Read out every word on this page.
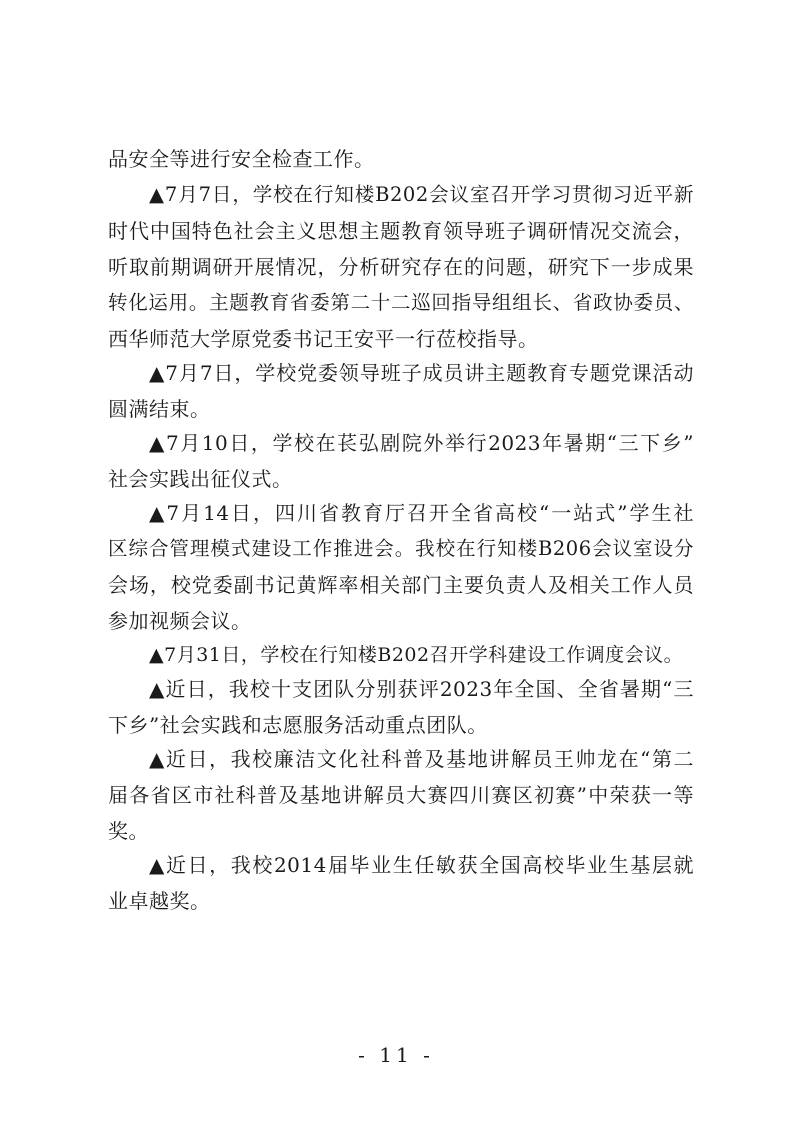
品安全等进行安全检查工作。
▲7月7日，学校在行知楼B202会议室召开学习贯彻习近平新
时代中国特色社会主义思想主题教育领导班子调研情况交流会，
听取前期调研开展情况，分析研究存在的问题，研究下一步成果
转化运用。主题教育省委第二十二巡回指导组组长、省政协委员、
西华师范大学原党委书记王安平一行莅校指导。
▲7月7日，学校党委领导班子成员讲主题教育专题党课活动
圆满结束。
▲7月10日，学校在苌弘剧院外举行2023年暑期“三下乡”
社会实践出征仪式。
▲7月14日，四川省教育厅召开全省高校“一站式”学生社
区综合管理模式建设工作推进会。我校在行知楼B206会议室设分
会场，校党委副书记黄辉率相关部门主要负责人及相关工作人员
参加视频会议。
▲7月31日，学校在行知楼B202召开学科建设工作调度会议。
▲近日，我校十支团队分别获评2023年全国、全省暑期“三
下乡”社会实践和志愿服务活动重点团队。
▲近日，我校廉洁文化社科普及基地讲解员王帅龙在“第二
届各省区市社科普及基地讲解员大赛四川赛区初赛”中荣获一等
奖。
▲近日，我校2014届毕业生任敏获全国高校毕业生基层就
业卓越奖。
- 11 -
